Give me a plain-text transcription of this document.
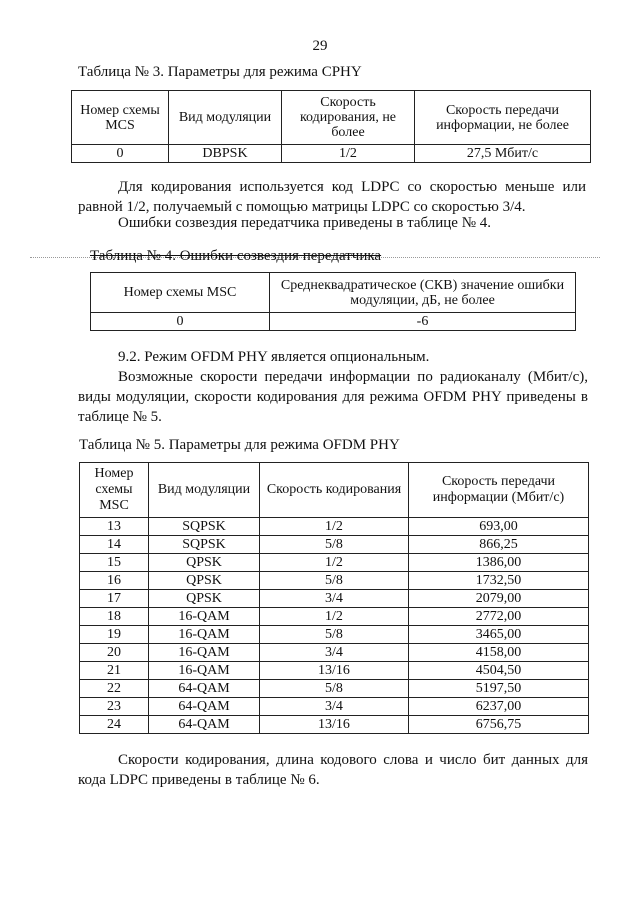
29
Таблица № 3. Параметры для режима CPHY
Номер схемы MCS	Вид модуляции	Скорость кодирования, не более	Скорость передачи информации, не более
0	DBPSK	1/2	27,5 Мбит/с
Для кодирования используется код LDPC со скоростью меньше или равной 1/2, получаемый с помощью матрицы LDPC со скоростью 3/4.
Ошибки созвездия передатчика приведены в таблице № 4.
Таблица № 4. Ошибки созвездия передатчика
Номер схемы MSC	Среднеквадратическое (СКВ) значение ошибки модуляции, дБ, не более
0	-6
9.2. Режим OFDM PHY является опциональным.
Возможные скорости передачи информации по радиоканалу (Мбит/с), виды модуляции, скорости кодирования для режима OFDM PHY приведены в таблице № 5.
Таблица № 5. Параметры для режима OFDM PHY
Номер схемы MSC	Вид модуляции	Скорость кодирования	Скорость передачи информации (Мбит/с)
13	SQPSK	1/2	693,00
14	SQPSK	5/8	866,25
15	QPSK	1/2	1386,00
16	QPSK	5/8	1732,50
17	QPSK	3/4	2079,00
18	16-QAM	1/2	2772,00
19	16-QAM	5/8	3465,00
20	16-QAM	3/4	4158,00
21	16-QAM	13/16	4504,50
22	64-QAM	5/8	5197,50
23	64-QAM	3/4	6237,00
24	64-QAM	13/16	6756,75
Скорости кодирования, длина кодового слова и число бит данных для кода LDPC приведены в таблице № 6.
